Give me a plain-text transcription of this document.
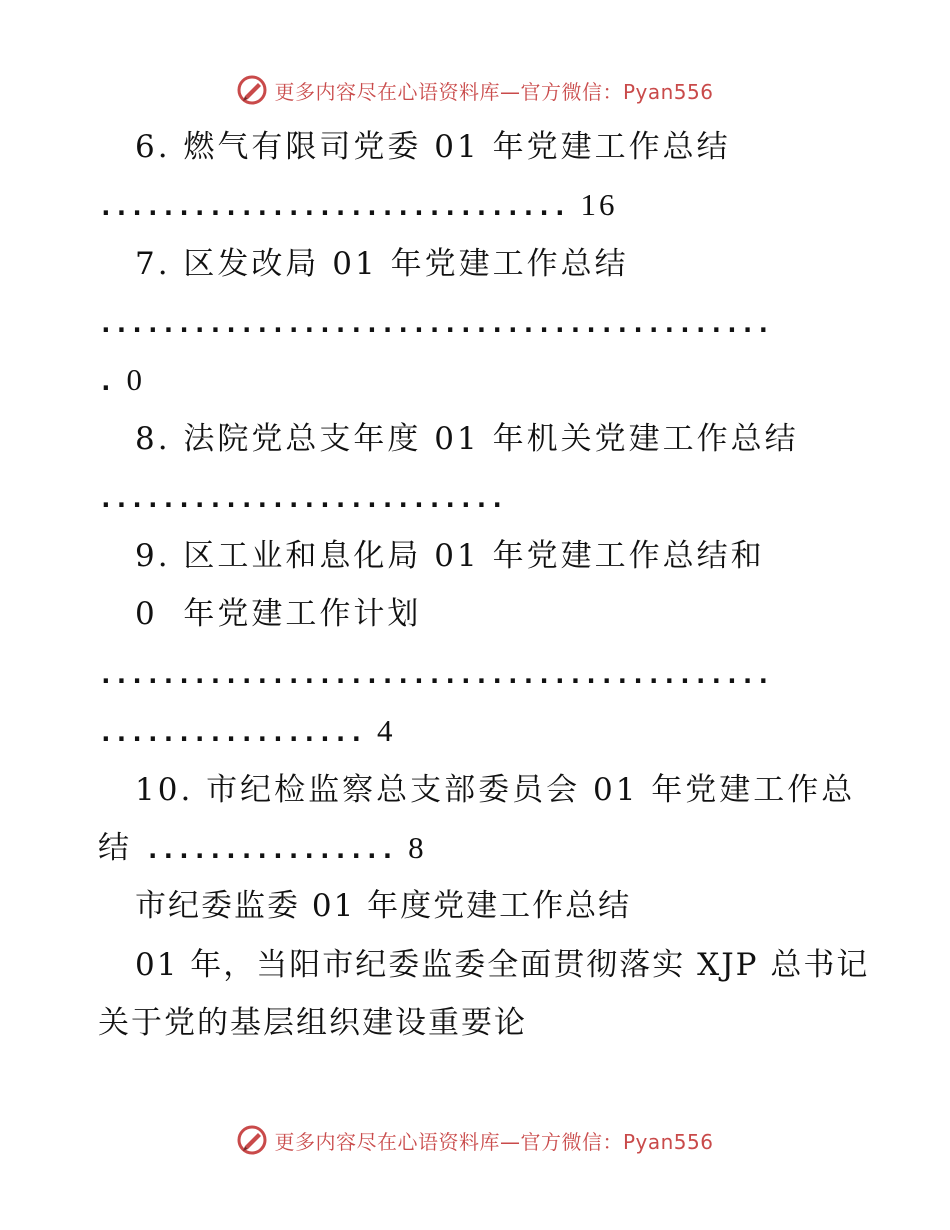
更多内容尽在心语资料库—官方微信：Pyan556
6. 燃气有限司党委 01 年党建工作总结
.............................. 16
7. 区发改局 01 年党建工作总结
...........................................
. 0
8. 法院党总支年度 01 年机关党建工作总结
..........................
9. 区工业和息化局 01 年党建工作总结和
0  年党建工作计划
...........................................
................. 4
10. 市纪检监察总支部委员会 01 年党建工作总
结 ................ 8
市纪委监委 01 年度党建工作总结
01 年，当阳市纪委监委全面贯彻落实 XJP 总书记
关于党的基层组织建设重要论
更多内容尽在心语资料库—官方微信：Pyan556
